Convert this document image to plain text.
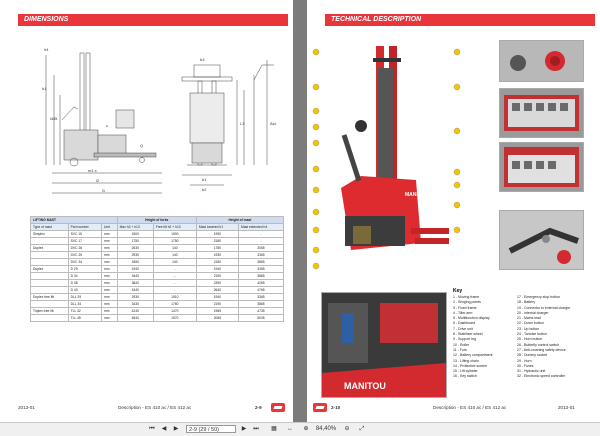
DIMENSIONS
h4
h1
l4/l5
c
Q
m1 x
l2
l1
b3
L3	Ast
b1
b2
LIFTING MAST			Height of forks		Height of mast	
Type of mast	Part number	Unit	Max h3 + h13	Free lift h2 + h13	Mast lowered h1	Mast extended h4
Simplex	SVC 15	mm	1500	1500	1990	-
	SVC 17	mm	1750	1750	2180	-
Duplex	DVC 26	mm	2630	140	1780	3065
	DVC 29	mm	2930	140	1930	3365
	DVC 34	mm	3450	140	2180	3865
Duplex	D 29	mm	1940	-	1940	3365
	D 34	mm	3440	-	2190	3865
	D 38	mm	3840	-	2390	4265
	D 43	mm	4340	-	2640	4765
Duplex free lift	DLL 29	mm	2930	1510	1940	3365
	DLL 34	mm	3430	1760	2190	3865
Triplex free lift	TLL 42	mm	4240	1470	1965	4735
	TLL 45	mm	4540	1570	2065	5035
2013-01	Description - ES 410 ac / ES 412 ac	2-9
TECHNICAL DESCRIPTION
MANITOU
MANITOU
Key
1 - Moving frame
2 - Slinging points
3 - Fixed frame
4 - Tiller arm
5 - Multifunction display
6 - Dashboard
7 - Drive unit
8 - Stabiliser wheel
9 - Support leg
10 - Roller
11 - Fork
12 - Battery compartment
13 - Lifting chain
14 - Protective screen
15 - Lift cylinder
16 - Key switch
17 - Emergency stop button
18 - Battery
19 - Connector to external charger
20 - Internal charger
21 - Mains lead
22 - Down button
23 - Up button
24 - Tortoise button
25 - Horn button
26 - Butterfly control switch
27 - Anti-crushing safety device
28 - Dummy socket
29 - Horn
30 - Fuses
31 - Hydraulic unit
32 - Electronic speed controller
2-10	Description - ES 410 ac / ES 412 ac	2013-01
⏮ ◀ ▶	2-9 (29 / 50)	▶ ⏭ ▦ ↔ ⊕	84,40%	⊖ ⤢
